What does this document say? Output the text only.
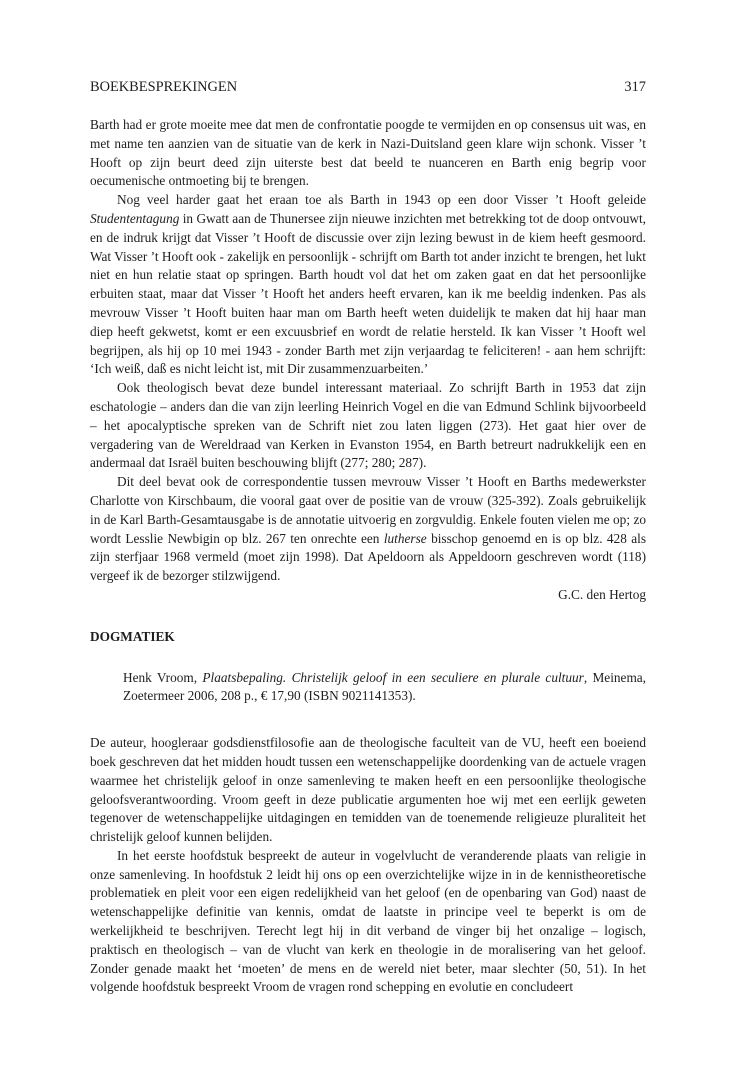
BOEKBESPREKINGEN	317

Barth had er grote moeite mee dat men de confrontatie poogde te vermijden en op consensus uit was, en met name ten aanzien van de situatie van de kerk in Nazi-Duitsland geen klare wijn schonk. Visser ’t Hooft op zijn beurt deed zijn uiterste best dat beeld te nuanceren en Barth enig begrip voor oecumenische ontmoeting bij te brengen.

Nog veel harder gaat het eraan toe als Barth in 1943 op een door Visser ’t Hooft geleide Studententagung in Gwatt aan de Thunersee zijn nieuwe inzichten met betrekking tot de doop ontvouwt, en de indruk krijgt dat Visser ’t Hooft de discussie over zijn lezing bewust in de kiem heeft gesmoord. Wat Visser ’t Hooft ook - zakelijk en persoonlijk - schrijft om Barth tot ander inzicht te brengen, het lukt niet en hun relatie staat op springen. Barth houdt vol dat het om zaken gaat en dat het persoonlijke erbuiten staat, maar dat Visser ’t Hooft het anders heeft ervaren, kan ik me beeldig indenken. Pas als mevrouw Visser ’t Hooft buiten haar man om Barth heeft weten duidelijk te maken dat hij haar man diep heeft gekwetst, komt er een excuusbrief en wordt de relatie hersteld. Ik kan Visser ’t Hooft wel begrijpen, als hij op 10 mei 1943 - zonder Barth met zijn verjaardag te feliciteren! - aan hem schrijft: ‘Ich weiß, daß es nicht leicht ist, mit Dir zusammenzuarbeiten.’

Ook theologisch bevat deze bundel interessant materiaal. Zo schrijft Barth in 1953 dat zijn eschatologie – anders dan die van zijn leerling Heinrich Vogel en die van Edmund Schlink bijvoorbeeld – het apocalyptische spreken van de Schrift niet zou laten liggen (273). Het gaat hier over de vergadering van de Wereldraad van Kerken in Evanston 1954, en Barth betreurt nadrukkelijk een en andermaal dat Israël buiten beschouwing blijft (277; 280; 287).

Dit deel bevat ook de correspondentie tussen mevrouw Visser ’t Hooft en Barths medewerkster Charlotte von Kirschbaum, die vooral gaat over de positie van de vrouw (325-392). Zoals gebruikelijk in de Karl Barth-Gesamtausgabe is de annotatie uitvoerig en zorgvuldig. Enkele fouten vielen me op; zo wordt Lesslie Newbigin op blz. 267 ten onrechte een lutherse bisschop genoemd en is op blz. 428 als zijn sterfjaar 1968 vermeld (moet zijn 1998). Dat Apeldoorn als Appeldoorn geschreven wordt (118) vergeef ik de bezorger stilzwijgend.

G.C. den Hertog
DOGMATIEK
Henk Vroom, Plaatsbepaling. Christelijk geloof in een seculiere en plurale cultuur, Meinema, Zoetermeer 2006, 208 p., € 17,90 (ISBN 9021141353).

De auteur, hoogleraar godsdienstfilosofie aan de theologische faculteit van de VU, heeft een boeiend boek geschreven dat het midden houdt tussen een wetenschappelijke doordenking van de actuele vragen waarmee het christelijk geloof in onze samenleving te maken heeft en een persoonlijke theologische geloofsverantwoording. Vroom geeft in deze publicatie argumenten hoe wij met een eerlijk geweten tegenover de wetenschappelijke uitdagingen en temidden van de toenemende religieuze pluraliteit het christelijk geloof kunnen belijden.

In het eerste hoofdstuk bespreekt de auteur in vogelvlucht de veranderende plaats van religie in onze samenleving. In hoofdstuk 2 leidt hij ons op een overzichtelijke wijze in in de kennistheoretische problematiek en pleit voor een eigen redelijkheid van het geloof (en de openbaring van God) naast de wetenschappelijke definitie van kennis, omdat de laatste in principe veel te beperkt is om de werkelijkheid te beschrijven. Terecht legt hij in dit verband de vinger bij het onzalige – logisch, praktisch en theologisch – van de vlucht van kerk en theologie in de moralisering van het geloof. Zonder genade maakt het ‘moeten’ de mens en de wereld niet beter, maar slechter (50, 51). In het volgende hoofdstuk bespreekt Vroom de vragen rond schepping en evolutie en concludeert
